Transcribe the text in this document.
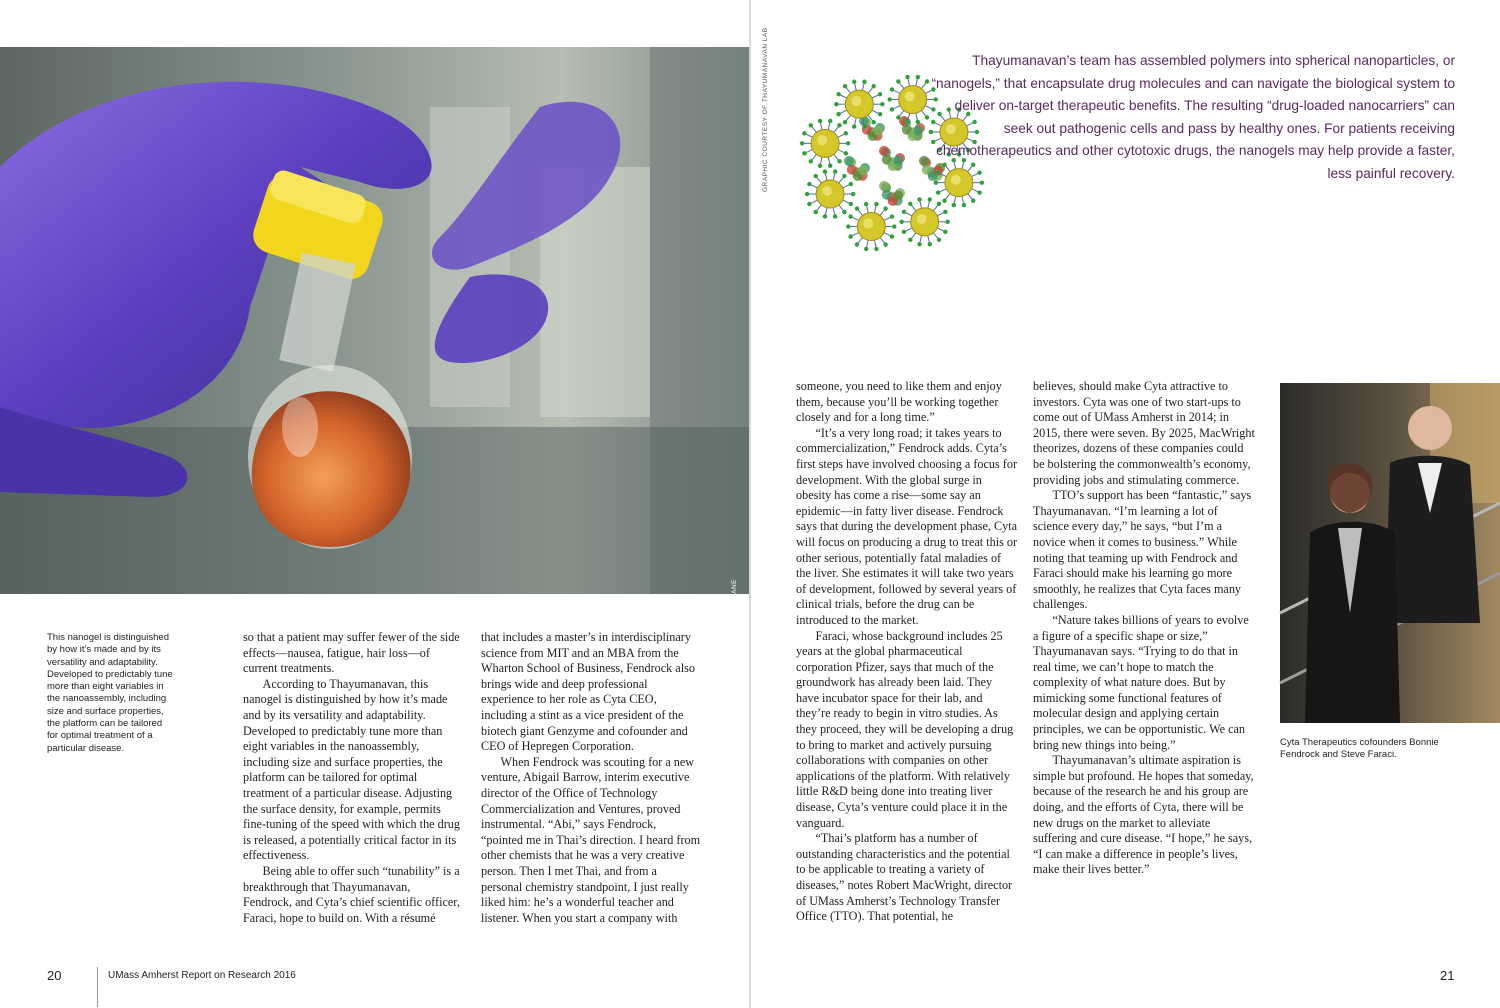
AMANDA DRANE
This nanogel is distinguished by how it’s made and by its versatility and adaptability. Developed to predictably tune more than eight variables in the nanoassembly, including size and surface properties, the platform can be tailored for optimal treatment of a particular disease.

so that a patient may suffer fewer of the side effects—nausea, fatigue, hair loss—of current treatments.

According to Thayumanavan, this nanogel is distinguished by how it’s made and by its versatility and adaptability. Developed to predictably tune more than eight variables in the nanoassembly, including size and surface properties, the platform can be tailored for optimal treatment of a particular disease. Adjusting the surface density, for example, permits fine-tuning of the speed with which the drug is released, a potentially critical factor in its effectiveness.

Being able to offer such “tunability” is a breakthrough that Thayumanavan, Fendrock, and Cyta’s chief scientific officer, Faraci, hope to build on. With a résumé

that includes a master’s in interdisciplinary science from MIT and an MBA from the Wharton School of Business, Fendrock also brings wide and deep professional experience to her role as Cyta CEO, including a stint as a vice president of the biotech giant Genzyme and cofounder and CEO of Hepregen Corporation.

When Fendrock was scouting for a new venture, Abigail Barrow, interim executive director of the Office of Technology Commercialization and Ventures, proved instrumental. “Abi,” says Fendrock, “pointed me in Thai’s direction. I heard from other chemists that he was a very creative person. Then I met Thai, and from a personal chemistry standpoint, I just really liked him: he’s a wonderful teacher and listener. When you start a company with

20	UMass Amherst Report on Research 2016
GRAPHIC COURTESY OF THAYUMANAVAN LAB	Thayumanavan’s team has assembled polymers into spherical nanoparticles, or “nanogels,” that encapsulate drug molecules and can navigate the biological system to deliver on-target therapeutic benefits. The resulting “drug-loaded nanocarriers” can seek out pathogenic cells and pass by healthy ones. For patients receiving chemotherapeutics and other cytotoxic drugs, the nanogels may help provide a faster, less painful recovery.

someone, you need to like them and enjoy them, because you’ll be working together closely and for a long time.”

“It’s a very long road; it takes years to commercialization,” Fendrock adds. Cyta’s first steps have involved choosing a focus for development. With the global surge in obesity has come a rise—some say an epidemic—in fatty liver disease. Fendrock says that during the development phase, Cyta will focus on producing a drug to treat this or other serious, potentially fatal maladies of the liver. She estimates it will take two years of development, followed by several years of clinical trials, before the drug can be introduced to the market.

Faraci, whose background includes 25 years at the global pharmaceutical corporation Pfizer, says that much of the groundwork has already been laid. They have incubator space for their lab, and they’re ready to begin in vitro studies. As they proceed, they will be developing a drug to bring to market and actively pursuing collaborations with companies on other applications of the platform. With relatively little R&D being done into treating liver disease, Cyta’s venture could place it in the vanguard.

“Thai’s platform has a number of outstanding characteristics and the potential to be applicable to treating a variety of diseases,” notes Robert MacWright, director of UMass Amherst’s Technology Transfer Office (TTO). That potential, he

believes, should make Cyta attractive to investors. Cyta was one of two start-ups to come out of UMass Amherst in 2014; in 2015, there were seven. By 2025, MacWright theorizes, dozens of these companies could be bolstering the commonwealth’s economy, providing jobs and stimulating commerce.

TTO’s support has been “fantastic,” says Thayumanavan. “I’m learning a lot of science every day,” he says, “but I’m a novice when it comes to business.” While noting that teaming up with Fendrock and Faraci should make his learning go more smoothly, he realizes that Cyta faces many challenges.

“Nature takes billions of years to evolve a figure of a specific shape or size,” Thayumanavan says. “Trying to do that in real time, we can’t hope to match the complexity of what nature does. But by mimicking some functional features of molecular design and applying certain principles, we can be opportunistic. We can bring new things into being.”

Thayumanavan’s ultimate aspiration is simple but profound. He hopes that someday, because of the research he and his group are doing, and the efforts of Cyta, there will be new drugs on the market to alleviate suffering and cure disease. “I hope,” he says, “I can make a difference in people’s lives, make their lives better.”

Cyta Therapeutics cofounders Bonnie Fendrock and Steve Faraci.
21
